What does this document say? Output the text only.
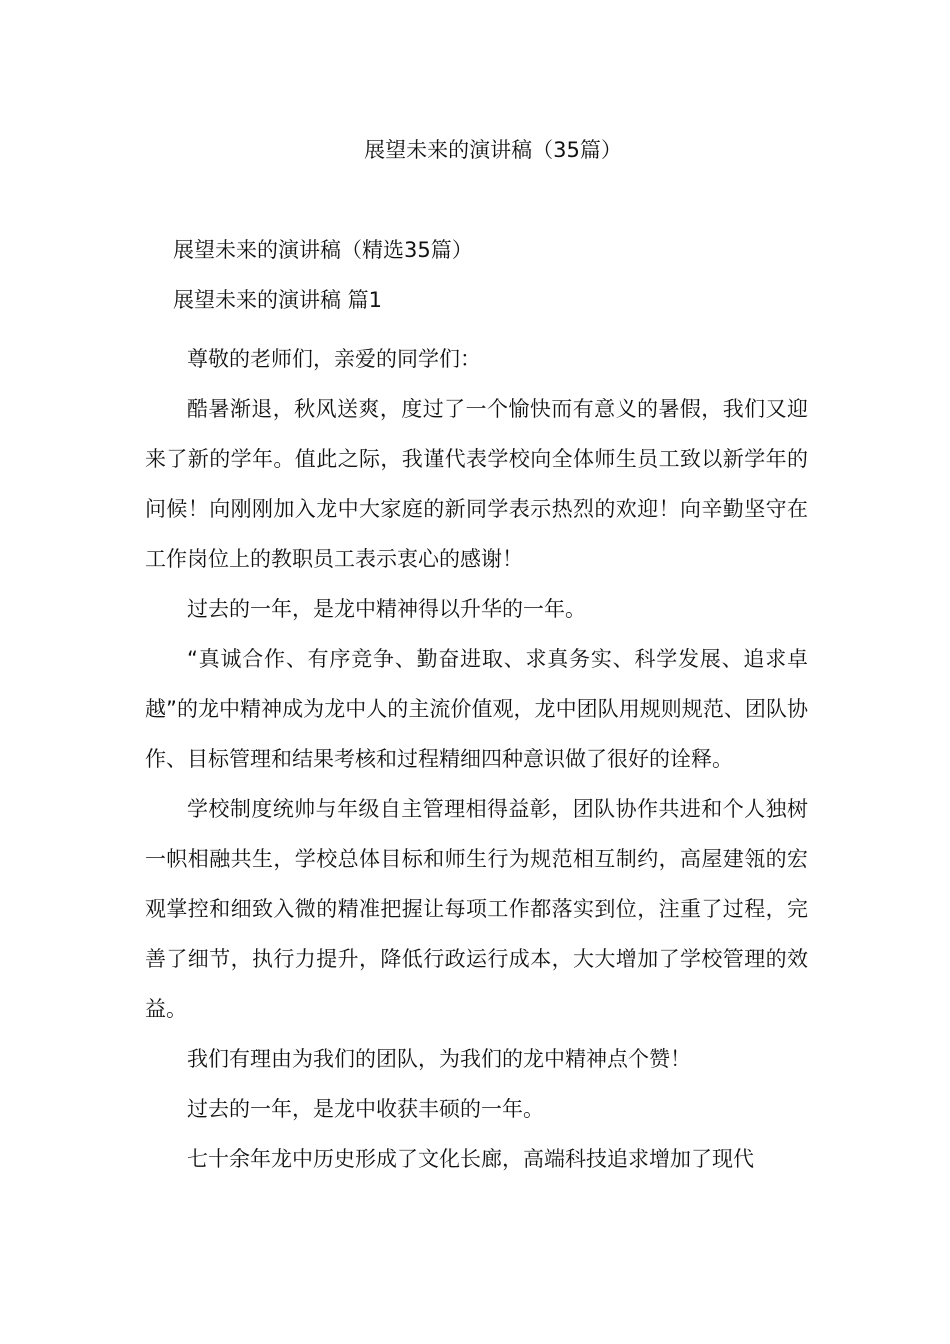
展望未来的演讲稿（35篇）
展望未来的演讲稿（精选35篇）
展望未来的演讲稿 篇1

尊敬的老师们，亲爱的同学们：

酷暑渐退，秋风送爽，度过了一个愉快而有意义的暑假，我们又迎来了新的学年。值此之际，我谨代表学校向全体师生员工致以新学年的问候！向刚刚加入龙中大家庭的新同学表示热烈的欢迎！向辛勤坚守在工作岗位上的教职员工表示衷心的感谢！

过去的一年，是龙中精神得以升华的一年。

“真诚合作、有序竞争、勤奋进取、求真务实、科学发展、追求卓越”的龙中精神成为龙中人的主流价值观，龙中团队用规则规范、团队协作、目标管理和结果考核和过程精细四种意识做了很好的诠释。

学校制度统帅与年级自主管理相得益彰，团队协作共进和个人独树一帜相融共生，学校总体目标和师生行为规范相互制约，高屋建瓴的宏观掌控和细致入微的精准把握让每项工作都落实到位，注重了过程，完善了细节，执行力提升，降低行政运行成本，大大增加了学校管理的效益。

我们有理由为我们的团队，为我们的龙中精神点个赞！

过去的一年，是龙中收获丰硕的一年。

七十余年龙中历史形成了文化长廊，高端科技追求增加了现代
